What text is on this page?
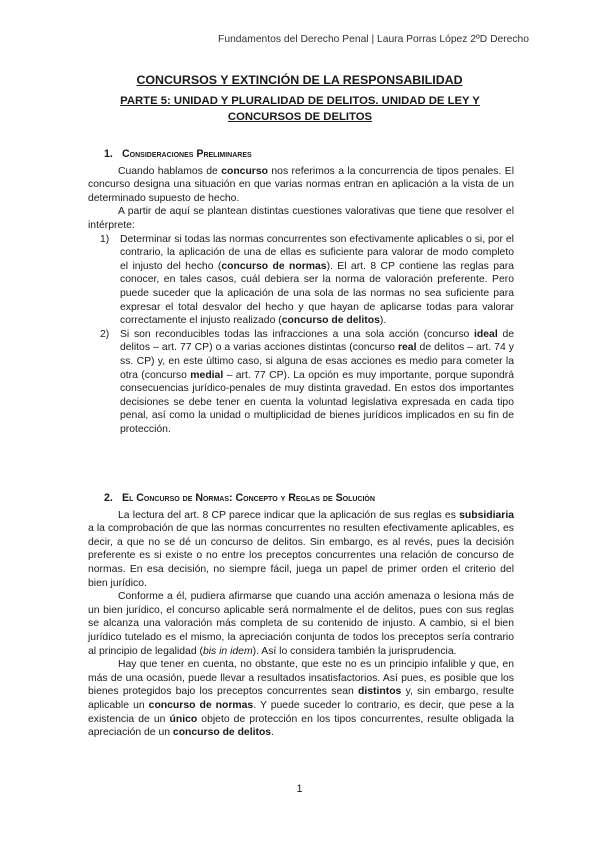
Fundamentos del Derecho Penal | Laura Porras López 2ºD Derecho
CONCURSOS Y EXTINCIÓN DE LA RESPONSABILIDAD
PARTE 5: UNIDAD Y PLURALIDAD DE DELITOS. UNIDAD DE LEY Y CONCURSOS DE DELITOS
1. Consideraciones Preliminares

Cuando hablamos de concurso nos referimos a la concurrencia de tipos penales. El concurso designa una situación en que varias normas entran en aplicación a la vista de un determinado supuesto de hecho.

A partir de aquí se plantean distintas cuestiones valorativas que tiene que resolver el intérprete:

1) Determinar si todas las normas concurrentes son efectivamente aplicables o si, por el contrario, la aplicación de una de ellas es suficiente para valorar de modo completo el injusto del hecho (concurso de normas). El art. 8 CP contiene las reglas para conocer, en tales casos, cuál debiera ser la norma de valoración preferente. Pero puede suceder que la aplicación de una sola de las normas no sea suficiente para expresar el total desvalor del hecho y que hayan de aplicarse todas para valorar correctamente el injusto realizado (concurso de delitos).
2) Si son reconducibles todas las infracciones a una sola acción (concurso ideal de delitos – art. 77 CP) o a varias acciones distintas (concurso real de delitos – art. 74 y ss. CP) y, en este último caso, si alguna de esas acciones es medio para cometer la otra (concurso medial – art. 77 CP). La opción es muy importante, porque supondrá consecuencias jurídico-penales de muy distinta gravedad. En estos dos importantes decisiones se debe tener en cuenta la voluntad legislativa expresada en cada tipo penal, así como la unidad o multiplicidad de bienes jurídicos implicados en su fin de protección.
2. El Concurso de Normas: Concepto y Reglas de Solución

La lectura del art. 8 CP parece indicar que la aplicación de sus reglas es subsidiaria a la comprobación de que las normas concurrentes no resulten efectivamente aplicables, es decir, a que no se dé un concurso de delitos. Sin embargo, es al revés, pues la decisión preferente es si existe o no entre los preceptos concurrentes una relación de concurso de normas. En esa decisión, no siempre fácil, juega un papel de primer orden el criterio del bien jurídico.

Conforme a él, pudiera afirmarse que cuando una acción amenaza o lesiona más de un bien jurídico, el concurso aplicable será normalmente el de delitos, pues con sus reglas se alcanza una valoración más completa de su contenido de injusto. A cambio, si el bien jurídico tutelado es el mismo, la apreciación conjunta de todos los preceptos sería contrario al principio de legalidad (bis in idem). Así lo considera también la jurisprudencia.

Hay que tener en cuenta, no obstante, que este no es un principio infalible y que, en más de una ocasión, puede llevar a resultados insatisfactorios. Así pues, es posible que los bienes protegidos bajo los preceptos concurrentes sean distintos y, sin embargo, resulte aplicable un concurso de normas. Y puede suceder lo contrario, es decir, que pese a la existencia de un único objeto de protección en los tipos concurrentes, resulte obligada la apreciación de un concurso de delitos.

1
